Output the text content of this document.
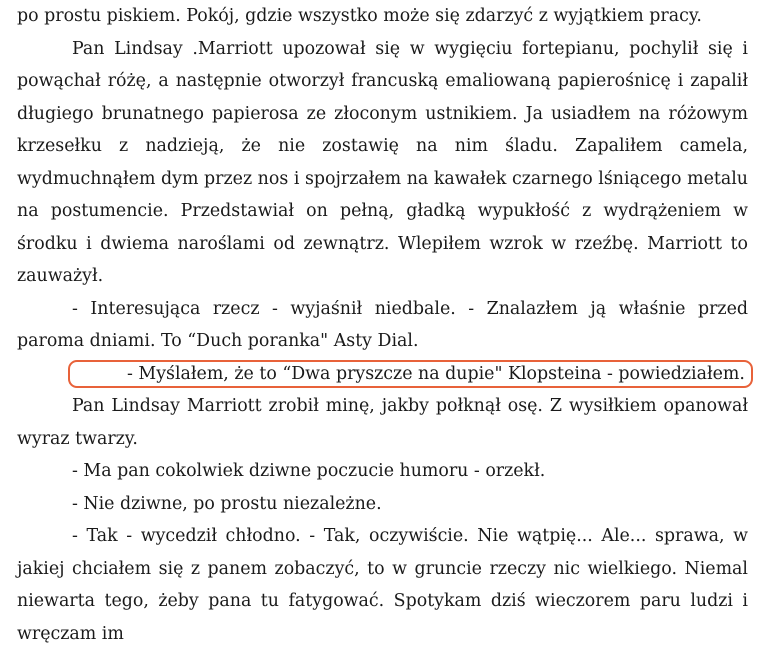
po prostu piskiem. Pokój, gdzie wszystko może się zdarzyć z wyjątkiem pracy.

Pan Lindsay .Marriott upozował się w wygięciu fortepianu, pochylił się i powąchał różę, a następnie otworzył francuską emaliowaną papierośnicę i zapalił długiego brunatnego papierosa ze złoconym ustnikiem. Ja usiadłem na różowym krzesełku z nadzieją, że nie zostawię na nim śladu. Zapaliłem camela, wydmuchnąłem dym przez nos i spojrzałem na kawałek czarnego lśniącego metalu na postumencie. Przedstawiał on pełną, gładką wypukłość z wydrążeniem w środku i dwiema naroślami od zewnątrz. Wlepiłem wzrok w rzeźbę. Marriott to zauważył.

- Interesująca rzecz - wyjaśnił niedbale. - Znalazłem ją właśnie przed paroma dniami. To “Duch poranka" Asty Dial.

- Myślałem, że to “Dwa pryszcze na dupie" Klopsteina - powiedziałem.

Pan Lindsay Marriott zrobił minę, jakby połknął osę. Z wysiłkiem opanował wyraz twarzy.

- Ma pan cokolwiek dziwne poczucie humoru - orzekł.

- Nie dziwne, po prostu niezależne.

- Tak - wycedził chłodno. - Tak, oczywiście. Nie wątpię... Ale... sprawa, w jakiej chciałem się z panem zobaczyć, to w gruncie rzeczy nic wielkiego. Niemal niewarta tego, żeby pana tu fatygować. Spotykam dziś wieczorem paru ludzi i wręczam im
